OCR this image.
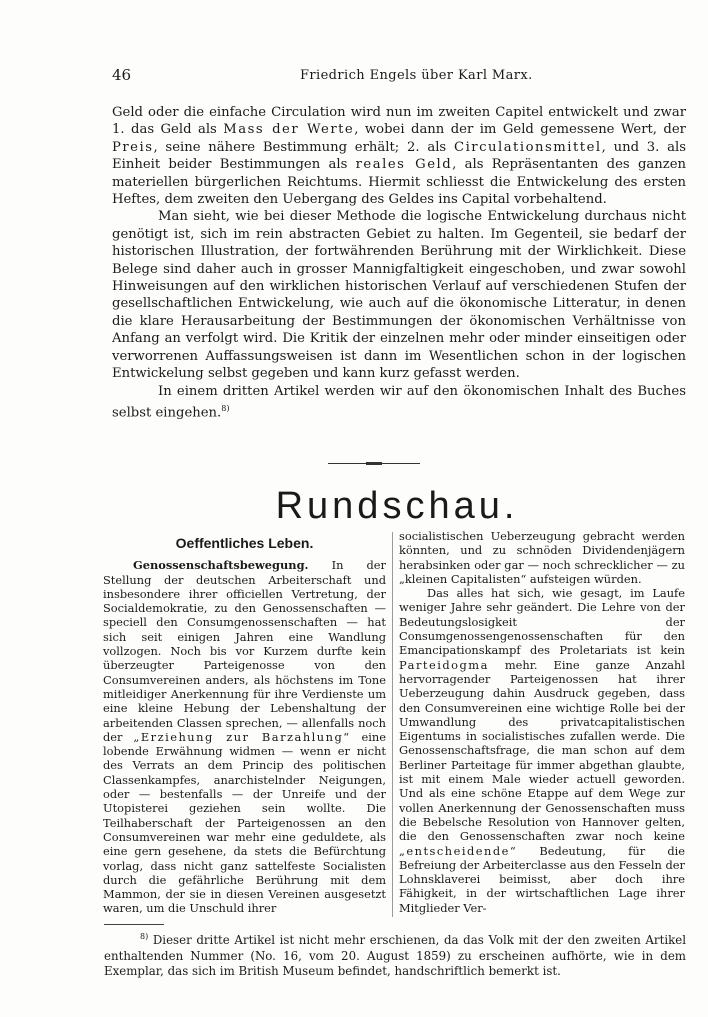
46	Friedrich Engels über Karl Marx.

Geld oder die einfache Circulation wird nun im zweiten Capitel entwickelt und zwar 1. das Geld als Mass der Werte, wobei dann der im Geld gemessene Wert, der Preis, seine nähere Bestimmung erhält; 2. als Circulationsmittel, und 3. als Einheit beider Bestimmungen als reales Geld, als Repräsentanten des ganzen materiellen bürgerlichen Reichtums. Hiermit schliesst die Entwickelung des ersten Heftes, dem zweiten den Uebergang des Geldes ins Capital vorbehaltend.

Man sieht, wie bei dieser Methode die logische Entwickelung durchaus nicht genötigt ist, sich im rein abstracten Gebiet zu halten. Im Gegenteil, sie bedarf der historischen Illustration, der fortwährenden Berührung mit der Wirklichkeit. Diese Belege sind daher auch in grosser Mannigfaltigkeit eingeschoben, und zwar sowohl Hinweisungen auf den wirklichen historischen Verlauf auf verschiedenen Stufen der gesellschaftlichen Entwickelung, wie auch auf die ökonomische Litteratur, in denen die klare Herausarbeitung der Bestimmungen der ökonomischen Verhältnisse von Anfang an verfolgt wird. Die Kritik der einzelnen mehr oder minder einseitigen oder verworrenen Auffassungsweisen ist dann im Wesentlichen schon in der logischen Entwickelung selbst gegeben und kann kurz gefasst werden.

In einem dritten Artikel werden wir auf den ökonomischen Inhalt des Buches selbst eingehen.$^{8)}$

Rundschau.
Oeffentliches Leben.

Genossenschaftsbewegung. In der Stellung der deutschen Arbeiterschaft und insbesondere ihrer officiellen Vertretung, der Socialdemokratie, zu den Genossenschaften — speciell den Consumgenossenschaften — hat sich seit einigen Jahren eine Wandlung vollzogen. Noch bis vor Kurzem durfte kein überzeugter Parteigenosse von den Consumvereinen anders, als höchstens im Tone mitleidiger Anerkennung für ihre Verdienste um eine kleine Hebung der Lebenshaltung der arbeitenden Classen sprechen, — allenfalls noch der „Erziehung zur Barzahlung“ eine lobende Erwähnung widmen — wenn er nicht des Verrats an dem Princip des politischen Classenkampfes, anarchistelnder Neigungen, oder — bestenfalls — der Unreife und der Utopisterei geziehen sein wollte. Die Teilhaberschaft der Parteigenossen an den Consumvereinen war mehr eine geduldete, als eine gern gesehene, da stets die Befürchtung vorlag, dass nicht ganz sattelfeste Socialisten durch die gefährliche Berührung mit dem Mammon, der sie in diesen Vereinen ausgesetzt waren, um die Unschuld ihrer

socialistischen Ueberzeugung gebracht werden könnten, und zu schnöden Dividendenjägern herabsinken oder gar — noch schrecklicher — zu „kleinen Capitalisten“ aufsteigen würden.

Das alles hat sich, wie gesagt, im Laufe weniger Jahre sehr geändert. Die Lehre von der Bedeutungslosigkeit der Consumgenossengenossenschaften für den Emancipationskampf des Proletariats ist kein Parteidogma mehr. Eine ganze Anzahl hervorragender Parteigenossen hat ihrer Ueberzeugung dahin Ausdruck gegeben, dass den Consumvereinen eine wichtige Rolle bei der Umwandlung des privatcapitalistischen Eigentums in socialistisches zufallen werde. Die Genossenschaftsfrage, die man schon auf dem Berliner Parteitage für immer abgethan glaubte, ist mit einem Male wieder actuell geworden. Und als eine schöne Etappe auf dem Wege zur vollen Anerkennung der Genossenschaften muss die Bebelsche Resolution von Hannover gelten, die den Genossenschaften zwar noch keine „entscheidende“ Bedeutung, für die Befreiung der Arbeiterclasse aus den Fesseln der Lohnsklaverei beimisst, aber doch ihre Fähigkeit, in der wirtschaftlichen Lage ihrer Mitglieder Ver-

$^{8)}$ Dieser dritte Artikel ist nicht mehr erschienen, da das Volk mit der den zweiten Artikel enthaltenden Nummer (No. 16, vom 20. August 1859) zu erscheinen aufhörte, wie in dem Exemplar, das sich im British Museum befindet, handschriftlich bemerkt ist.
